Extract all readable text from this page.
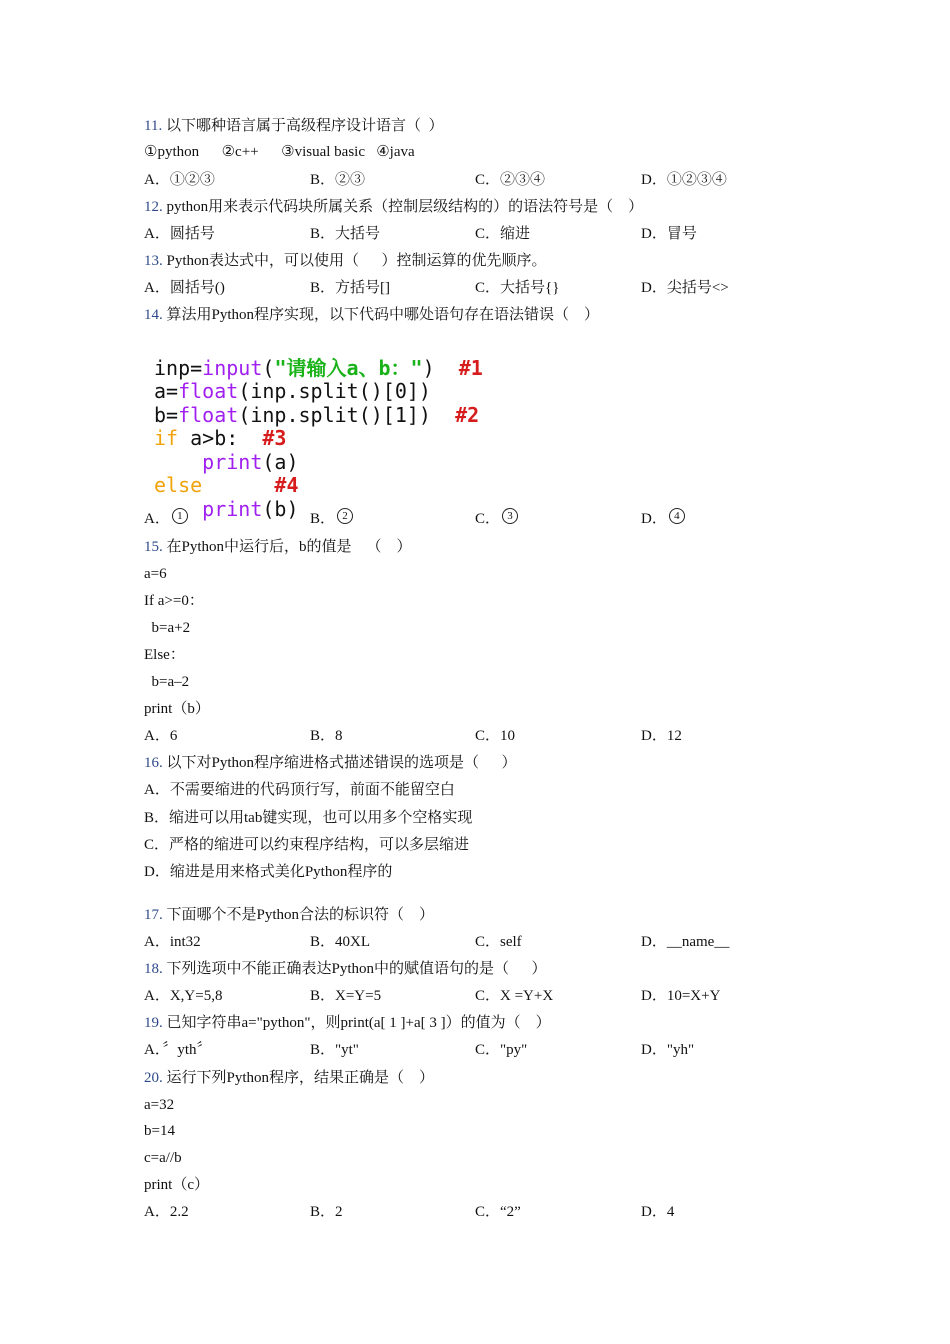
11. 以下哪种语言属于高级程序设计语言（  ）
①python      ②c++      ③visual basic   ④java
A．①②③	B．②③	C．②③④	D．①②③④
12. python用来表示代码块所属关系（控制层级结构的）的语法符号是（    ）
A．圆括号	B．大括号	C．缩进	D．冒号
13. Python表达式中，可以使用（      ）控制运算的优先顺序。
A．圆括号()	B．方括号[]	C．大括号{}	D．尖括号<>
14. 算法用Python程序实现，以下代码中哪处语句存在语法错误（    ）

inp=input("请输入a、b：")  #1
a=float(inp.split()[0])
b=float(inp.split()[1])  #2
if a>b:  #3
print(a)
else	#4
print(b)

A． 1	B． 2	C． 3	D． 4
15. 在Python中运行后，b的值是    （    ）
a=6
If a>=0：
b=a+2
Else：
b=a–2
print（b）
A．6	B．8	C．10	D．12
16. 以下对Python程序缩进格式描述错误的选项是（      ）
A．不需要缩进的代码顶行写，前面不能留空白
B．缩进可以用tab键实现，也可以用多个空格实现
C．严格的缩进可以约束程序结构，可以多层缩进
D．缩进是用来格式美化Python程序的
17. 下面哪个不是Python合法的标识符（    ）
A．int32	B．40XL	C．self	D．__name__
18. 下列选项中不能正确表达Python中的赋值语句的是（      ）
A．X,Y=5,8	B．X=Y=5	C．X =Y+X	D．10=X+Y
19. 已知字符串a="python"，则print(a[ 1 ]+a[ 3 ]）的值为（    ）
A．〞yth〞	B．"yt"	C．"py"	D．"yh"
20. 运行下列Python程序，结果正确是（    ）
a=32
b=14
c=a//b
print（c）
A．2.2	B．2	C．“2”	D．4
